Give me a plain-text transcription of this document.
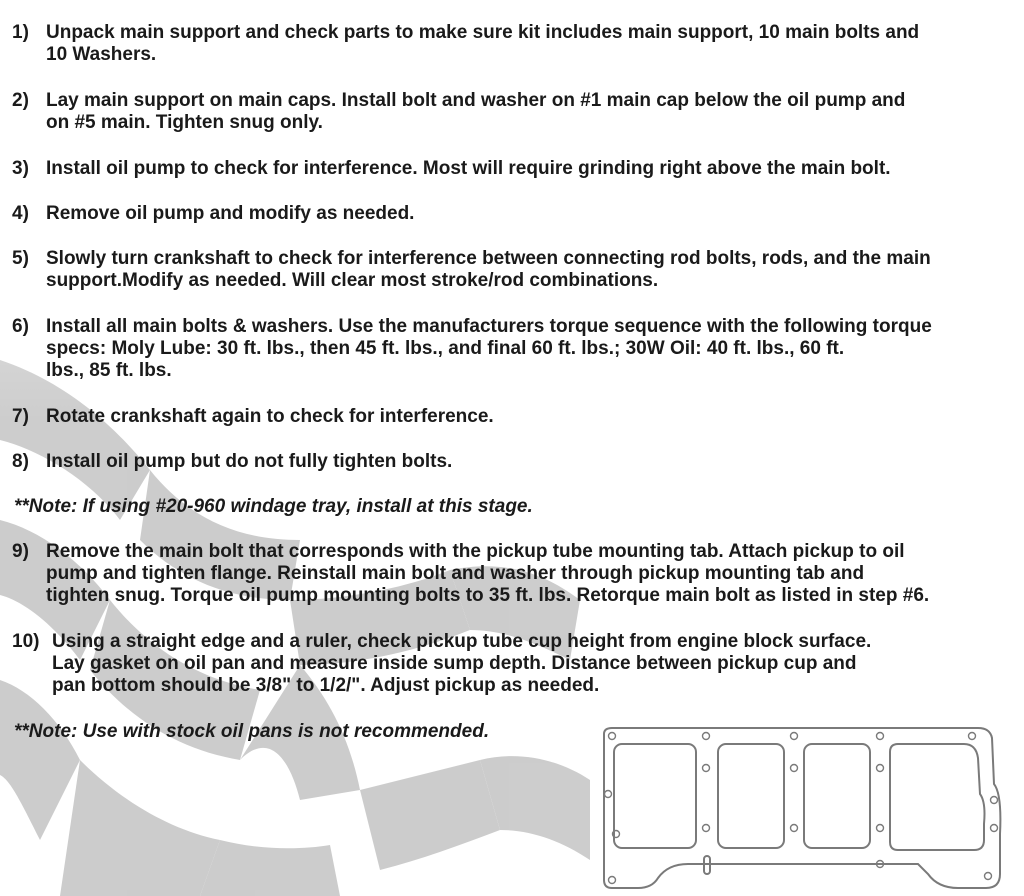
1) Unpack main support and check parts to make sure kit includes main support, 10 main bolts and
10 Washers.
2) Lay main support on main caps. Install bolt and washer on #1 main cap below the oil pump and
on #5 main. Tighten snug only.
3) Install oil pump to check for interference. Most will require grinding right above the main bolt.
4) Remove oil pump and modify as needed.
5) Slowly turn crankshaft to check for interference between connecting rod bolts, rods, and the main
support.Modify as needed. Will clear most stroke/rod combinations.
6) Install all main bolts & washers. Use the manufacturers torque sequence with the following torque
specs: Moly Lube: 30 ft. lbs., then 45 ft. lbs., and final 60 ft. lbs.; 30W Oil: 40 ft. lbs., 60 ft.
lbs., 85 ft. lbs.
7) Rotate crankshaft again to check for interference.
8) Install oil pump but do not fully tighten bolts.
**Note: If using #20-960 windage tray, install at this stage.
9) Remove the main bolt that corresponds with the pickup tube mounting tab. Attach pickup to oil
pump and tighten flange. Reinstall main bolt and washer through pickup mounting tab and
tighten snug. Torque oil pump mounting bolts to 35 ft. lbs. Retorque main bolt as listed in step #6.
10) Using a straight edge and a ruler, check pickup tube cup height from engine block surface.
Lay gasket on oil pan and measure inside sump depth. Distance between pickup cup and
pan bottom should be 3/8" to 1/2/". Adjust pickup as needed.
**Note: Use with stock oil pans is not recommended.
